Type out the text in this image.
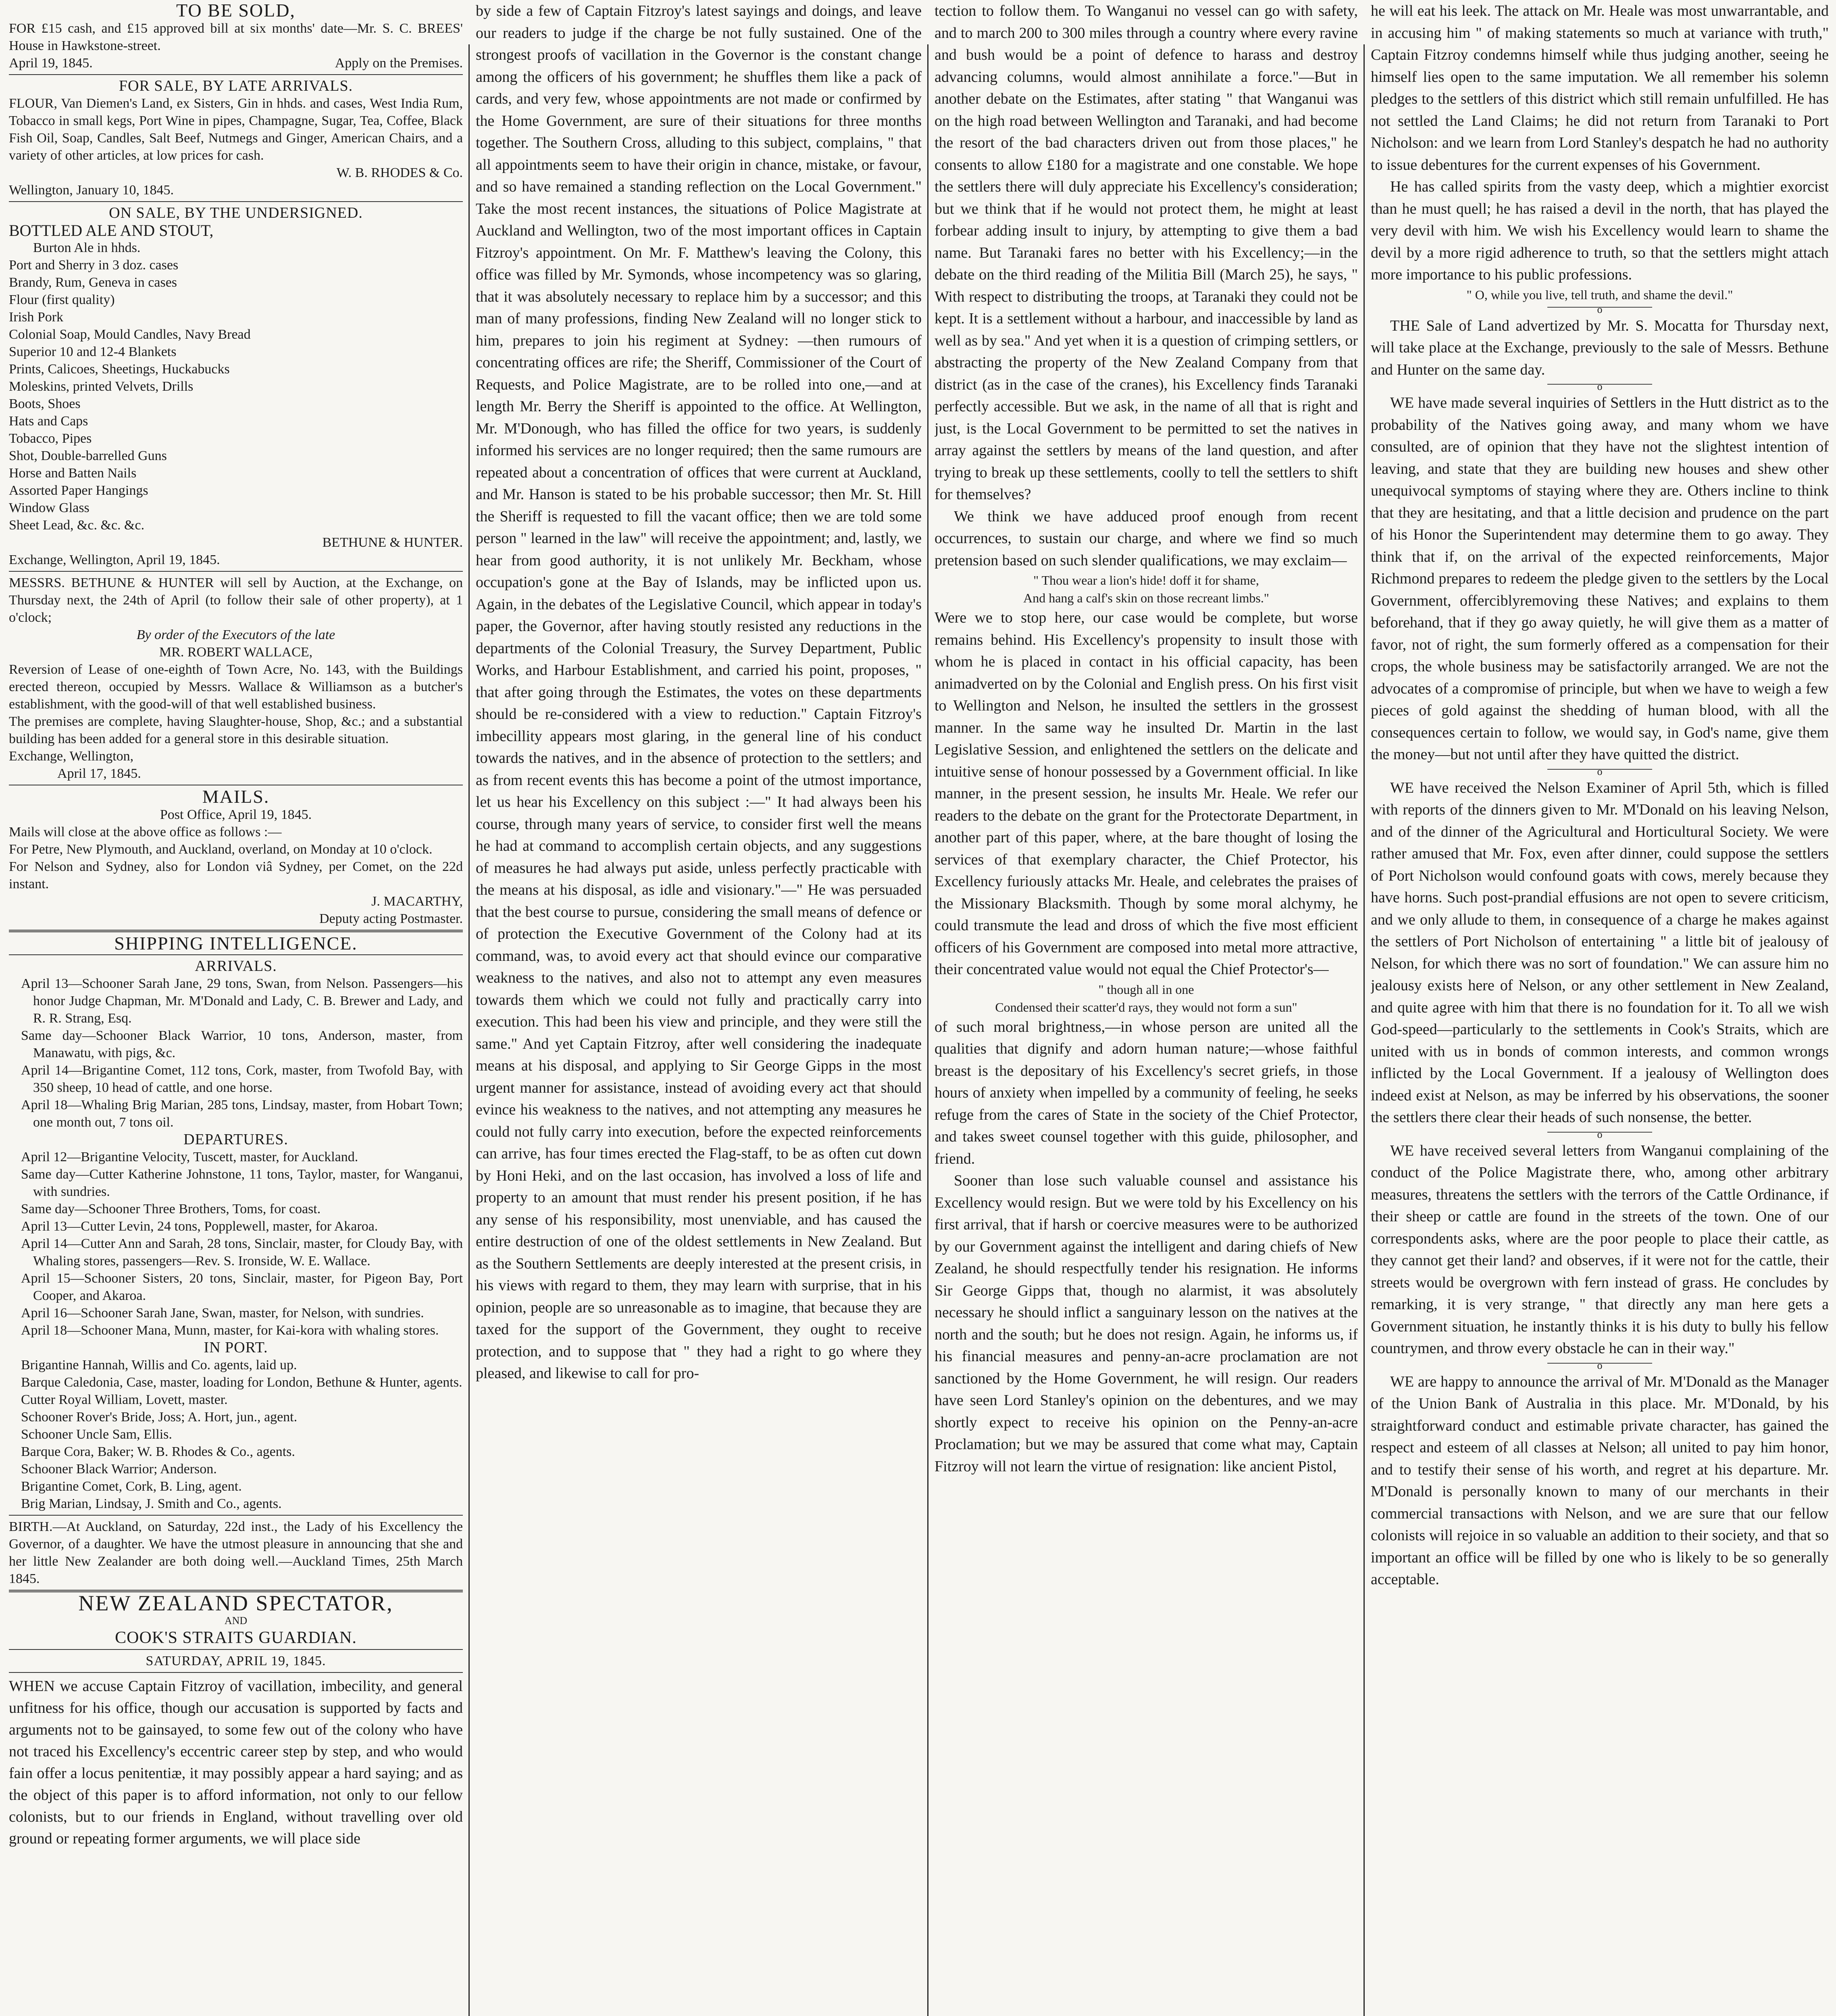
TO BE SOLD,

FOR £15 cash, and £15 approved bill at six months' date—Mr. S. C. BREES' House in Hawkstone-street.

April 19, 1845.	Apply on the Premises.

FOR SALE, BY LATE ARRIVALS.

FLOUR, Van Diemen's Land, ex Sisters, Gin in hhds. and cases, West India Rum, Tobacco in small kegs, Port Wine in pipes, Champagne, Sugar, Tea, Coffee, Black Fish Oil, Soap, Candles, Salt Beef, Nutmegs and Ginger, American Chairs, and a variety of other articles, at low prices for cash.

W. B. RHODES & Co.

Wellington, January 10, 1845.

ON SALE, BY THE UNDERSIGNED.

BOTTLED ALE AND STOUT,

Burton Ale in hhds.

Port and Sherry in 3 doz. cases

Brandy, Rum, Geneva in cases

Flour (first quality)

Irish Pork

Colonial Soap, Mould Candles, Navy Bread

Superior 10 and 12-4 Blankets

Prints, Calicoes, Sheetings, Huckabucks

Moleskins, printed Velvets, Drills

Boots, Shoes

Hats and Caps

Tobacco, Pipes

Shot, Double-barrelled Guns

Horse and Batten Nails

Assorted Paper Hangings

Window Glass

Sheet Lead, &c. &c. &c.

BETHUNE & HUNTER.

Exchange, Wellington, April 19, 1845.

MESSRS. BETHUNE & HUNTER will sell by Auction, at the Exchange, on Thursday next, the 24th of April (to follow their sale of other property), at 1 o'clock;

By order of the Executors of the late

MR. ROBERT WALLACE,

Reversion of Lease of one-eighth of Town Acre, No. 143, with the Buildings erected thereon, occupied by Messrs. Wallace & Williamson as a butcher's establishment, with the good-will of that well established business.

The premises are complete, having Slaughter-house, Shop, &c.; and a substantial building has been added for a general store in this desirable situation.

Exchange, Wellington,

April 17, 1845.

MAILS.

Post Office, April 19, 1845.

Mails will close at the above office as follows :—

For Petre, New Plymouth, and Auckland, overland, on Monday at 10 o'clock.

For Nelson and Sydney, also for London viâ Sydney, per Comet, on the 22d instant.

J. MACARTHY,

Deputy acting Postmaster.

SHIPPING INTELLIGENCE.

ARRIVALS.

April 13—Schooner Sarah Jane, 29 tons, Swan, from Nelson. Passengers—his honor Judge Chapman, Mr. M'Donald and Lady, C. B. Brewer and Lady, and R. R. Strang, Esq.

Same day—Schooner Black Warrior, 10 tons, Anderson, master, from Manawatu, with pigs, &c.

April 14—Brigantine Comet, 112 tons, Cork, master, from Twofold Bay, with 350 sheep, 10 head of cattle, and one horse.

April 18—Whaling Brig Marian, 285 tons, Lindsay, master, from Hobart Town; one month out, 7 tons oil.

DEPARTURES.

April 12—Brigantine Velocity, Tuscett, master, for Auckland.

Same day—Cutter Katherine Johnstone, 11 tons, Taylor, master, for Wanganui, with sundries.

Same day—Schooner Three Brothers, Toms, for coast.

April 13—Cutter Levin, 24 tons, Popplewell, master, for Akaroa.

April 14—Cutter Ann and Sarah, 28 tons, Sinclair, master, for Cloudy Bay, with Whaling stores, passengers—Rev. S. Ironside, W. E. Wallace.

April 15—Schooner Sisters, 20 tons, Sinclair, master, for Pigeon Bay, Port Cooper, and Akaroa.

April 16—Schooner Sarah Jane, Swan, master, for Nelson, with sundries.

April 18—Schooner Mana, Munn, master, for Kai-kora with whaling stores.

IN PORT.

Brigantine Hannah, Willis and Co. agents, laid up.

Barque Caledonia, Case, master, loading for London, Bethune & Hunter, agents.

Cutter Royal William, Lovett, master.

Schooner Rover's Bride, Joss; A. Hort, jun., agent.

Schooner Uncle Sam, Ellis.

Barque Cora, Baker; W. B. Rhodes & Co., agents.

Schooner Black Warrior; Anderson.

Brigantine Comet, Cork, B. Ling, agent.

Brig Marian, Lindsay, J. Smith and Co., agents.

BIRTH.—At Auckland, on Saturday, 22d inst., the Lady of his Excellency the Governor, of a daughter. We have the utmost pleasure in announcing that she and her little New Zealander are both doing well.—Auckland Times, 25th March 1845.

NEW ZEALAND SPECTATOR,

AND

COOK'S STRAITS GUARDIAN.

SATURDAY, APRIL 19, 1845.

WHEN we accuse Captain Fitzroy of vacillation, imbecility, and general unfitness for his office, though our accusation is supported by facts and arguments not to be gainsayed, to some few out of the colony who have not traced his Excellency's eccentric career step by step, and who would fain offer a locus penitentiæ, it may possibly appear a hard saying; and as the object of this paper is to afford information, not only to our fellow colonists, but to our friends in England, without travelling over old ground or repeating former arguments, we will place side

by side a few of Captain Fitzroy's latest sayings and doings, and leave our readers to judge if the charge be not fully sustained. One of the strongest proofs of vacillation in the Governor is the constant change among the officers of his government; he shuffles them like a pack of cards, and very few, whose appointments are not made or confirmed by the Home Government, are sure of their situations for three months together. The Southern Cross, alluding to this subject, complains, " that all appointments seem to have their origin in chance, mistake, or favour, and so have remained a standing reflection on the Local Government." Take the most recent instances, the situations of Police Magistrate at Auckland and Wellington, two of the most important offices in Captain Fitzroy's appointment. On Mr. F. Matthew's leaving the Colony, this office was filled by Mr. Symonds, whose incompetency was so glaring, that it was absolutely necessary to replace him by a successor; and this man of many professions, finding New Zealand will no longer stick to him, prepares to join his regiment at Sydney: —then rumours of concentrating offices are rife; the Sheriff, Commissioner of the Court of Requests, and Police Magistrate, are to be rolled into one,—and at length Mr. Berry the Sheriff is appointed to the office. At Wellington, Mr. M'Donough, who has filled the office for two years, is suddenly informed his services are no longer required; then the same rumours are repeated about a concentration of offices that were current at Auckland, and Mr. Hanson is stated to be his probable successor; then Mr. St. Hill the Sheriff is requested to fill the vacant office; then we are told some person " learned in the law" will receive the appointment; and, lastly, we hear from good authority, it is not unlikely Mr. Beckham, whose occupation's gone at the Bay of Islands, may be inflicted upon us. Again, in the debates of the Legislative Council, which appear in today's paper, the Governor, after having stoutly resisted any reductions in the departments of the Colonial Treasury, the Survey Department, Public Works, and Harbour Establishment, and carried his point, proposes, " that after going through the Estimates, the votes on these departments should be re-considered with a view to reduction." Captain Fitzroy's imbecillity appears most glaring, in the general line of his conduct towards the natives, and in the absence of protection to the settlers; and as from recent events this has become a point of the utmost importance, let us hear his Excellency on this subject :—" It had always been his course, through many years of service, to consider first well the means he had at command to accomplish certain objects, and any suggestions of measures he had always put aside, unless perfectly practicable with the means at his disposal, as idle and visionary."—" He was persuaded that the best course to pursue, considering the small means of defence or of protection the Executive Government of the Colony had at its command, was, to avoid every act that should evince our comparative weakness to the natives, and also not to attempt any even measures towards them which we could not fully and practically carry into execution. This had been his view and principle, and they were still the same." And yet Captain Fitzroy, after well considering the inadequate means at his disposal, and applying to Sir George Gipps in the most urgent manner for assistance, instead of avoiding every act that should evince his weakness to the natives, and not attempting any measures he could not fully carry into execution, before the expected reinforcements can arrive, has four times erected the Flag-staff, to be as often cut down by Honi Heki, and on the last occasion, has involved a loss of life and property to an amount that must render his present position, if he has any sense of his responsibility, most unenviable, and has caused the entire destruction of one of the oldest settlements in New Zealand. But as the Southern Settlements are deeply interested at the present crisis, in his views with regard to them, they may learn with surprise, that in his opinion, people are so unreasonable as to imagine, that because they are taxed for the support of the Government, they ought to receive protection, and to suppose that " they had a right to go where they pleased, and likewise to call for pro-

tection to follow them. To Wanganui no vessel can go with safety, and to march 200 to 300 miles through a country where every ravine and bush would be a point of defence to harass and destroy advancing columns, would almost annihilate a force."—But in another debate on the Estimates, after stating " that Wanganui was on the high road between Wellington and Taranaki, and had become the resort of the bad characters driven out from those places," he consents to allow £180 for a magistrate and one constable. We hope the settlers there will duly appreciate his Excellency's consideration; but we think that if he would not protect them, he might at least forbear adding insult to injury, by attempting to give them a bad name. But Taranaki fares no better with his Excellency;—in the debate on the third reading of the Militia Bill (March 25), he says, " With respect to distributing the troops, at Taranaki they could not be kept. It is a settlement without a harbour, and inaccessible by land as well as by sea." And yet when it is a question of crimping settlers, or abstracting the property of the New Zealand Company from that district (as in the case of the cranes), his Excellency finds Taranaki perfectly accessible. But we ask, in the name of all that is right and just, is the Local Government to be permitted to set the natives in array against the settlers by means of the land question, and after trying to break up these settlements, coolly to tell the settlers to shift for themselves?

We think we have adduced proof enough from recent occurrences, to sustain our charge, and where we find so much pretension based on such slender qualifications, we may exclaim—

" Thou wear a lion's hide! doff it for shame,

And hang a calf's skin on those recreant limbs."

Were we to stop here, our case would be complete, but worse remains behind. His Excellency's propensity to insult those with whom he is placed in contact in his official capacity, has been animadverted on by the Colonial and English press. On his first visit to Wellington and Nelson, he insulted the settlers in the grossest manner. In the same way he insulted Dr. Martin in the last Legislative Session, and enlightened the settlers on the delicate and intuitive sense of honour possessed by a Government official. In like manner, in the present session, he insults Mr. Heale. We refer our readers to the debate on the grant for the Protectorate Department, in another part of this paper, where, at the bare thought of losing the services of that exemplary character, the Chief Protector, his Excellency furiously attacks Mr. Heale, and celebrates the praises of the Missionary Blacksmith. Though by some moral alchymy, he could transmute the lead and dross of which the five most efficient officers of his Government are composed into metal more attractive, their concentrated value would not equal the Chief Protector's—

" though all in one

Condensed their scatter'd rays, they would not form a sun"

of such moral brightness,—in whose person are united all the qualities that dignify and adorn human nature;—whose faithful breast is the depositary of his Excellency's secret griefs, in those hours of anxiety when impelled by a community of feeling, he seeks refuge from the cares of State in the society of the Chief Protector, and takes sweet counsel together with this guide, philosopher, and friend.

Sooner than lose such valuable counsel and assistance his Excellency would resign. But we were told by his Excellency on his first arrival, that if harsh or coercive measures were to be authorized by our Government against the intelligent and daring chiefs of New Zealand, he should respectfully tender his resignation. He informs Sir George Gipps that, though no alarmist, it was absolutely necessary he should inflict a sanguinary lesson on the natives at the north and the south; but he does not resign. Again, he informs us, if his financial measures and penny-an-acre proclamation are not sanctioned by the Home Government, he will resign. Our readers have seen Lord Stanley's opinion on the debentures, and we may shortly expect to receive his opinion on the Penny-an-acre Proclamation; but we may be assured that come what may, Captain Fitzroy will not learn the virtue of resignation: like ancient Pistol,

he will eat his leek. The attack on Mr. Heale was most unwarrantable, and in accusing him " of making statements so much at variance with truth," Captain Fitzroy condemns himself while thus judging another, seeing he himself lies open to the same imputation. We all remember his solemn pledges to the settlers of this district which still remain unfulfilled. He has not settled the Land Claims; he did not return from Taranaki to Port Nicholson: and we learn from Lord Stanley's despatch he had no authority to issue debentures for the current expenses of his Government.

He has called spirits from the vasty deep, which a mightier exorcist than he must quell; he has raised a devil in the north, that has played the very devil with him. We wish his Excellency would learn to shame the devil by a more rigid adherence to truth, so that the settlers might attach more importance to his public professions.

" O, while you live, tell truth, and shame the devil."

o

THE Sale of Land advertized by Mr. S. Mocatta for Thursday next, will take place at the Exchange, previously to the sale of Messrs. Bethune and Hunter on the same day.

o

WE have made several inquiries of Settlers in the Hutt district as to the probability of the Natives going away, and many whom we have consulted, are of opinion that they have not the slightest intention of leaving, and state that they are building new houses and shew other unequivocal symptoms of staying where they are. Others incline to think that they are hesitating, and that a little decision and prudence on the part of his Honor the Superintendent may determine them to go away. They think that if, on the arrival of the expected reinforcements, Major Richmond prepares to redeem the pledge given to the settlers by the Local Government, offerciblyremoving these Natives; and explains to them beforehand, that if they go away quietly, he will give them as a matter of favor, not of right, the sum formerly offered as a compensation for their crops, the whole business may be satisfactorily arranged. We are not the advocates of a compromise of principle, but when we have to weigh a few pieces of gold against the shedding of human blood, with all the consequences certain to follow, we would say, in God's name, give them the money—but not until after they have quitted the district.

o

WE have received the Nelson Examiner of April 5th, which is filled with reports of the dinners given to Mr. M'Donald on his leaving Nelson, and of the dinner of the Agricultural and Horticultural Society. We were rather amused that Mr. Fox, even after dinner, could suppose the settlers of Port Nicholson would confound goats with cows, merely because they have horns. Such post-prandial effusions are not open to severe criticism, and we only allude to them, in consequence of a charge he makes against the settlers of Port Nicholson of entertaining " a little bit of jealousy of Nelson, for which there was no sort of foundation." We can assure him no jealousy exists here of Nelson, or any other settlement in New Zealand, and quite agree with him that there is no foundation for it. To all we wish God-speed—particularly to the settlements in Cook's Straits, which are united with us in bonds of common interests, and common wrongs inflicted by the Local Government. If a jealousy of Wellington does indeed exist at Nelson, as may be inferred by his observations, the sooner the settlers there clear their heads of such nonsense, the better.

o

WE have received several letters from Wanganui complaining of the conduct of the Police Magistrate there, who, among other arbitrary measures, threatens the settlers with the terrors of the Cattle Ordinance, if their sheep or cattle are found in the streets of the town. One of our correspondents asks, where are the poor people to place their cattle, as they cannot get their land? and observes, if it were not for the cattle, their streets would be overgrown with fern instead of grass. He concludes by remarking, it is very strange, " that directly any man here gets a Government situation, he instantly thinks it is his duty to bully his fellow countrymen, and throw every obstacle he can in their way."

o

WE are happy to announce the arrival of Mr. M'Donald as the Manager of the Union Bank of Australia in this place. Mr. M'Donald, by his straightforward conduct and estimable private character, has gained the respect and esteem of all classes at Nelson; all united to pay him honor, and to testify their sense of his worth, and regret at his departure. Mr. M'Donald is personally known to many of our merchants in their commercial transactions with Nelson, and we are sure that our fellow colonists will rejoice in so valuable an addition to their society, and that so important an office will be filled by one who is likely to be so generally acceptable.
